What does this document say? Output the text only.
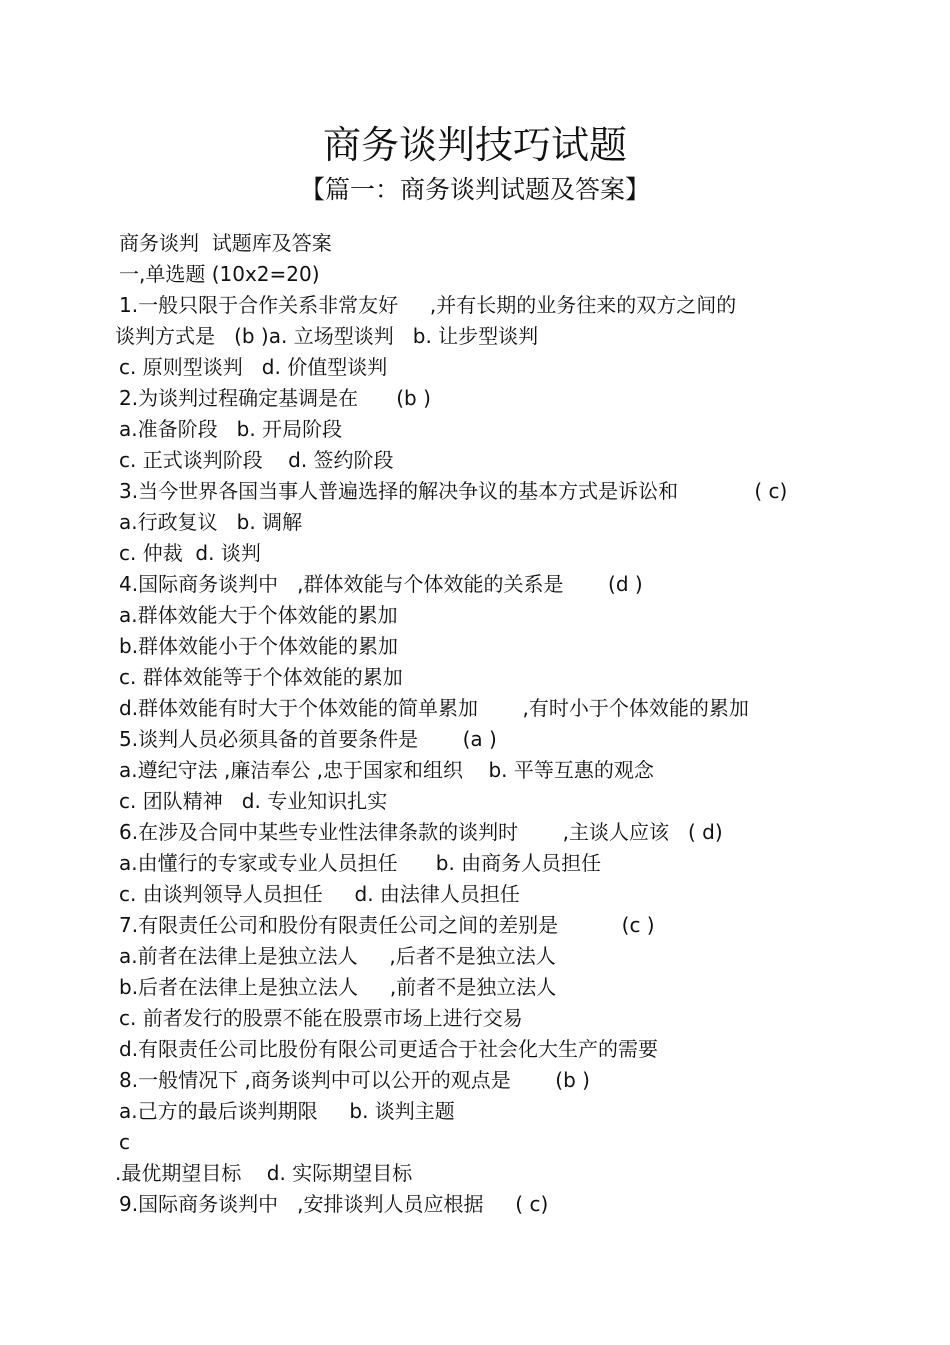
商务谈判技巧试题
【篇一：商务谈判试题及答案】
商务谈判  试题库及答案
一,单选题 (10x2=20)
1.一般只限于合作关系非常友好     ,并有长期的业务往来的双方之间的
谈判方式是   (b )a. 立场型谈判   b. 让步型谈判
c. 原则型谈判   d. 价值型谈判
2.为谈判过程确定基调是在      (b )
a.准备阶段   b. 开局阶段
c. 正式谈判阶段    d. 签约阶段
3.当今世界各国当事人普遍选择的解决争议的基本方式是诉讼和            ( c)
a.行政复议   b. 调解
c. 仲裁  d. 谈判
4.国际商务谈判中   ,群体效能与个体效能的关系是       (d )
a.群体效能大于个体效能的累加
b.群体效能小于个体效能的累加
c. 群体效能等于个体效能的累加
d.群体效能有时大于个体效能的简单累加       ,有时小于个体效能的累加
5.谈判人员必须具备的首要条件是       (a )
a.遵纪守法 ,廉洁奉公 ,忠于国家和组织    b. 平等互惠的观念
c. 团队精神   d. 专业知识扎实
6.在涉及合同中某些专业性法律条款的谈判时       ,主谈人应该   ( d)
a.由懂行的专家或专业人员担任      b. 由商务人员担任
c. 由谈判领导人员担任     d. 由法律人员担任
7.有限责任公司和股份有限责任公司之间的差别是          (c )
a.前者在法律上是独立法人     ,后者不是独立法人
b.后者在法律上是独立法人     ,前者不是独立法人
c. 前者发行的股票不能在股票市场上进行交易
d.有限责任公司比股份有限公司更适合于社会化大生产的需要
8.一般情况下 ,商务谈判中可以公开的观点是       (b )
a.己方的最后谈判期限     b. 谈判主题
c
.最优期望目标    d. 实际期望目标
9.国际商务谈判中   ,安排谈判人员应根据     ( c)
